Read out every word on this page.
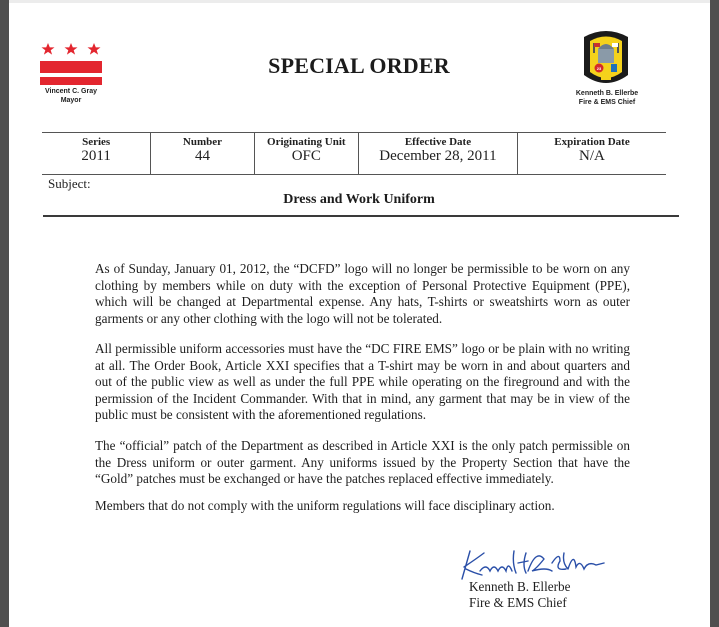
Vincent C. Gray
Mayor
SPECIAL ORDER	23
Kenneth B. Ellerbe
Fire & EMS Chief
Series
2011
Number
44
Originating Unit
OFC
Effective Date
December 28, 2011
Expiration Date
N/A
Subject:
Dress and Work Uniform

As of Sunday, January 01, 2012, the “DCFD” logo will no longer be permissible to be worn on any clothing by members while on duty with the exception of Personal Protective Equipment (PPE), which will be changed at Departmental expense. Any hats, T-shirts or sweatshirts worn as outer garments or any other clothing with the logo will not be tolerated.

All permissible uniform accessories must have the “DC FIRE EMS” logo or be plain with no writing at all. The Order Book, Article XXI specifies that a T-shirt may be worn in and about quarters and out of the public view as well as under the full PPE while operating on the fireground and with the permission of the Incident Commander. With that in mind, any garment that may be in view of the public must be consistent with the aforementioned regulations.

The “official” patch of the Department as described in Article XXI is the only patch permissible on the Dress uniform or outer garment. Any uniforms issued by the Property Section that have the “Gold” patches must be exchanged or have the patches replaced effective immediately.

Members that do not comply with the uniform regulations will face disciplinary action.

Kenneth B. Ellerbe
Fire & EMS Chief
